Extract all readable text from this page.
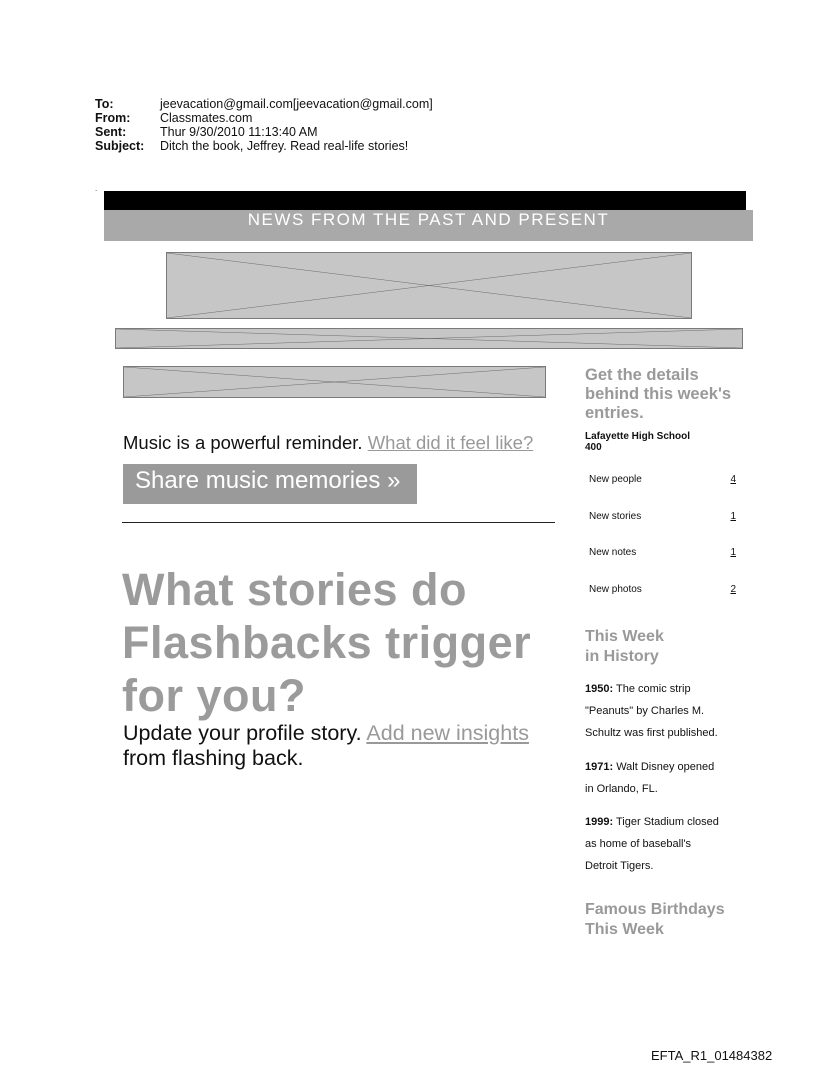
To:	jeevacation@gmail.com[jeevacation@gmail.com]
From:	Classmates.com
Sent:	Thur 9/30/2010 11:13:40 AM
Subject:	Ditch the book, Jeffrey. Read real-life stories!
.
NEWS FROM THE PAST AND PRESENT
Music is a powerful reminder. What did it feel like?
Share music memories »
What stories do
Flashbacks trigger
for you?
Update your profile story. Add new insights
from flashing back.
Get the details
behind this week's
entries.
Lafayette High School
400
New people	4
New stories	1
New notes	1
New photos	2
This Week
in History
1950: The comic strip
"Peanuts" by Charles M.
Schultz was first published.
1971: Walt Disney opened
in Orlando, FL.
1999: Tiger Stadium closed
as home of baseball's
Detroit Tigers.
Famous Birthdays
This Week
EFTA_R1_01484382
